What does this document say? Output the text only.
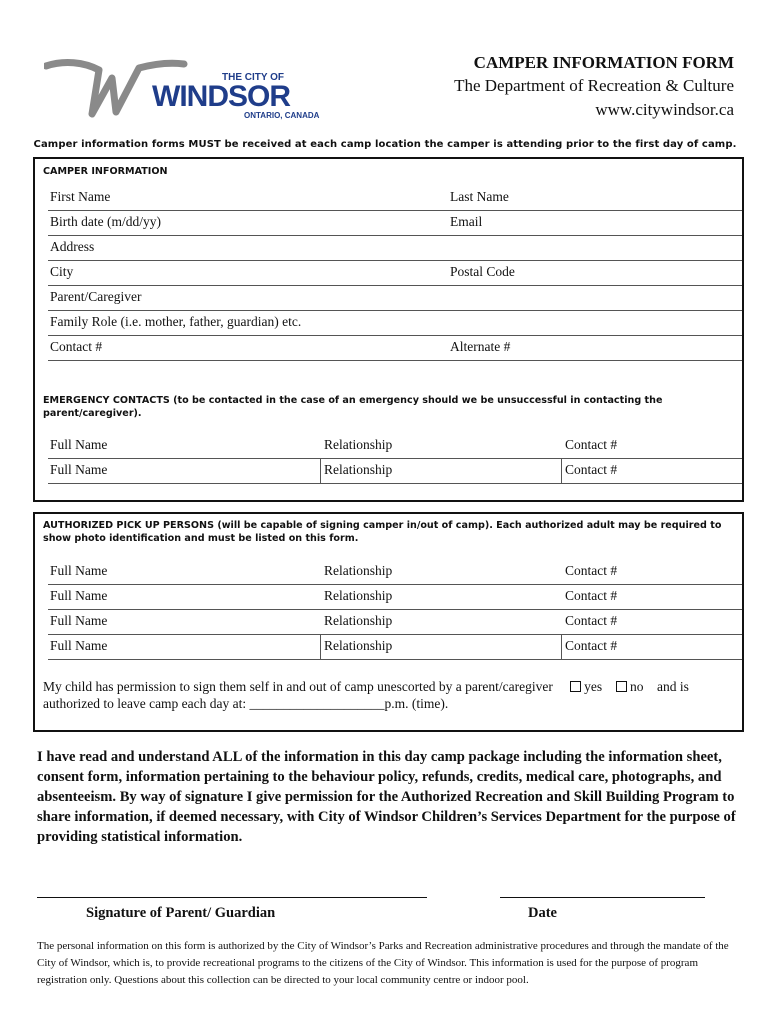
THE CITY OF
WINDSOR
ONTARIO, CANADA
CAMPER INFORMATION FORM
The Department of Recreation & Culture
www.citywindsor.ca
Camper information forms MUST be received at each camp location the camper is attending prior to the first day of camp.
CAMPER INFORMATION
First Name	Last Name
Birth date (m/dd/yy)	Email
Address
City	Postal Code
Parent/Caregiver
Family Role (i.e. mother, father, guardian) etc.
Contact #	Alternate #
EMERGENCY CONTACTS (to be contacted in the case of an emergency should we be unsuccessful in contacting the parent/caregiver).
Full Name	Relationship	Contact #
Full Name	Relationship	Contact #
AUTHORIZED PICK UP PERSONS (will be capable of signing camper in/out of camp). Each authorized adult may be required to show photo identification and must be listed on this form.
Full Name	Relationship	Contact #
Full Name	Relationship	Contact #
Full Name	Relationship	Contact #
Full Name	Relationship	Contact #
My child has permission to sign them self in and out of camp unescorted by a parent/caregiver yes no and is
authorized to leave camp each day at: ____________________p.m. (time).
I have read and understand ALL of the information in this day camp package including the information sheet, consent form, information pertaining to the behaviour policy, refunds, credits, medical care, photographs, and absenteeism. By way of signature I give permission for the Authorized Recreation and Skill Building Program to share information, if deemed necessary, with City of Windsor Children’s Services Department for the purpose of providing statistical information.
Signature of Parent/ Guardian	Date
The personal information on this form is authorized by the City of Windsor’s Parks and Recreation administrative procedures and through the mandate of the City of Windsor, which is, to provide recreational programs to the citizens of the City of Windsor. This information is used for the purpose of program registration only. Questions about this collection can be directed to your local community centre or indoor pool.
